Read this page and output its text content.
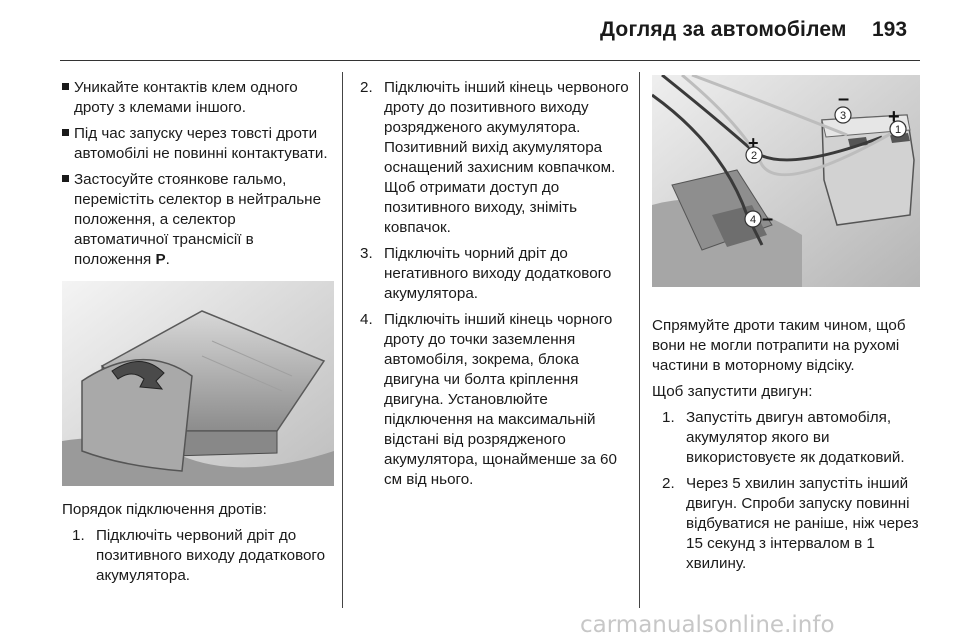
Догляд за автомобілем 193
Уникайте контактів клем одного дроту з клемами іншого.
Під час запуску через товсті дроти автомобілі не повинні контактувати.
Застосуйте стоянкове гальмо, перемістіть селектор в нейтральне положення, а селектор автоматичної трансмісії в положення P.

Порядок підключення дротів:

1. Підключіть червоний дріт до позитивного виходу додаткового акумулятора.
2. Підключіть інший кінець червоного дроту до позитивного виходу розрядженого акумулятора. Позитивний вихід акумулятора оснащений захисним ковпачком. Щоб отримати доступ до позитивного виходу, зніміть ковпачок.
3. Підключіть чорний дріт до негативного виходу додаткового акумулятора.
4. Підключіть інший кінець чорного дроту до точки заземлення автомобіля, зокрема, блока двигуна чи болта кріплення двигуна. Установлюйте підключення на максимальній відстані від розрядженого акумулятора, щонайменше за 60 см від нього.
2
3
1
4
+
+
–
–

Спрямуйте дроти таким чином, щоб вони не могли потрапити на рухомі частини в моторному відсіку.

Щоб запустити двигун:

1. Запустіть двигун автомобіля, акумулятор якого ви використовуєте як додатковий.
2. Через 5 хвилин запустіть інший двигун. Спроби запуску повинні відбуватися не раніше, ніж через 15 секунд з інтервалом в 1 хвилину.
carmanualsonline.info
